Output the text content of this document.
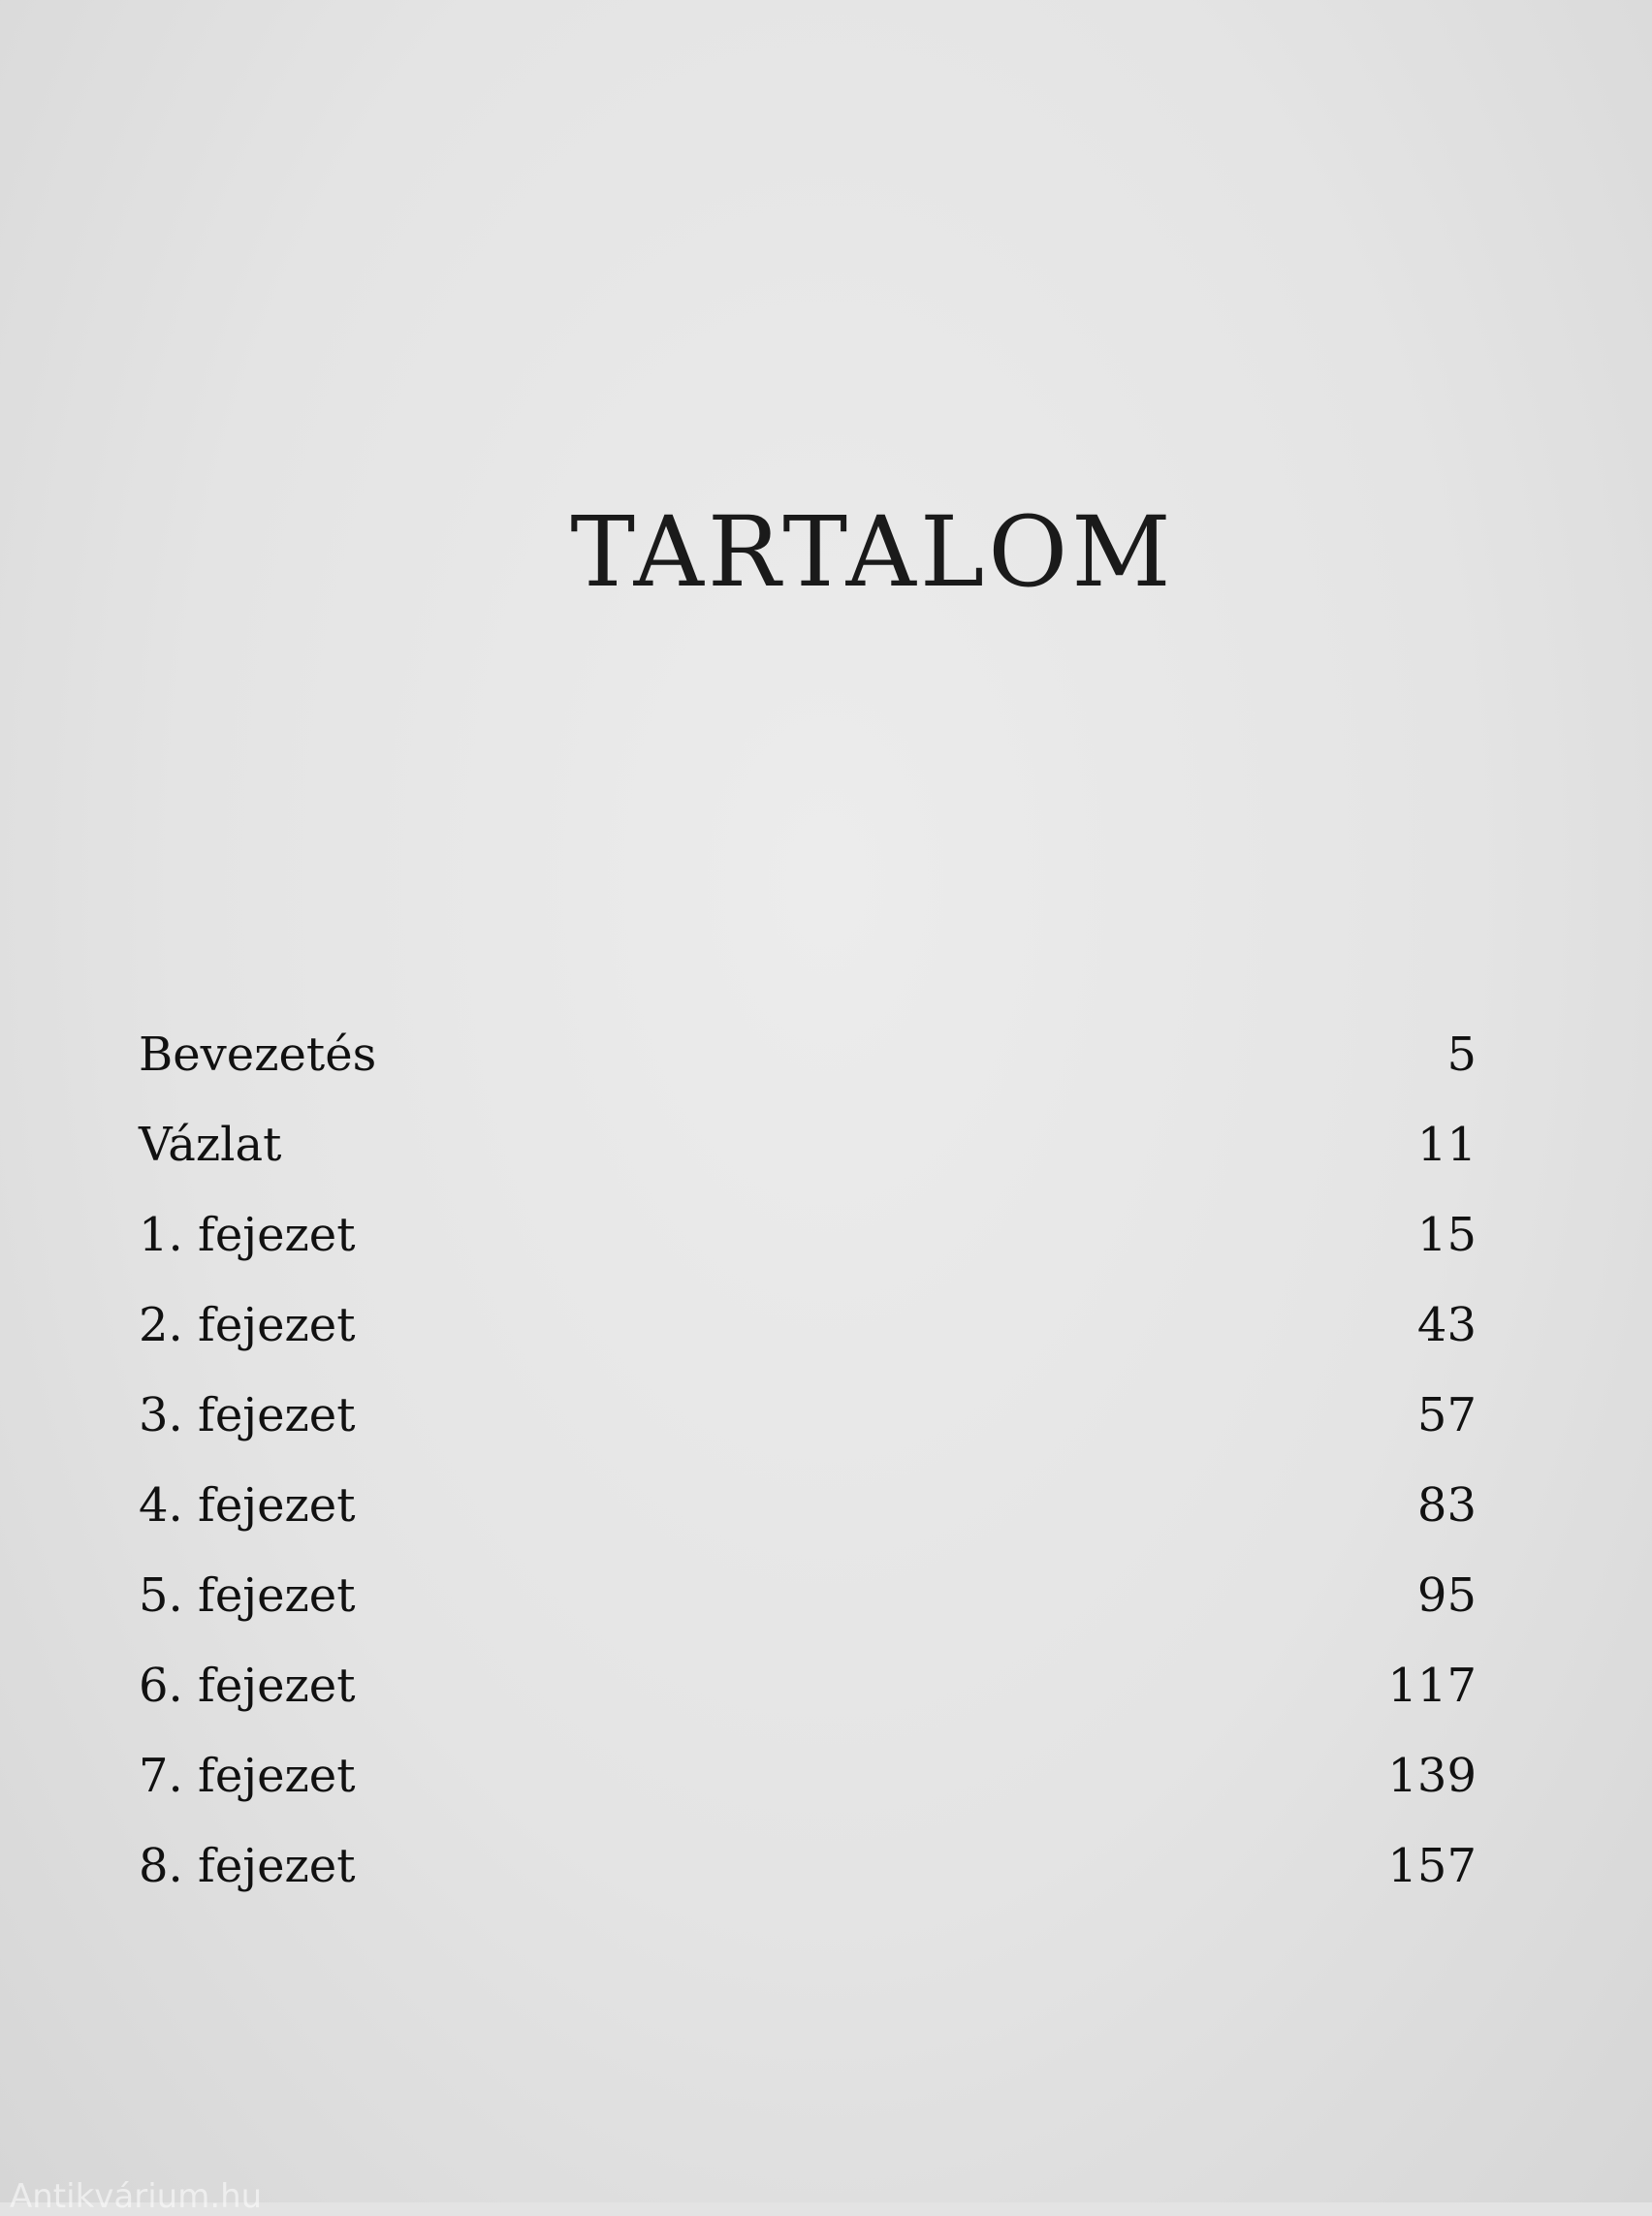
TARTALOM
Bevezetés	5
Vázlat	11
1. fejezet	15
2. fejezet	43
3. fejezet	57
4. fejezet	83
5. fejezet	95
6. fejezet	117
7. fejezet	139
8. fejezet	157
Antikvárium.hu
